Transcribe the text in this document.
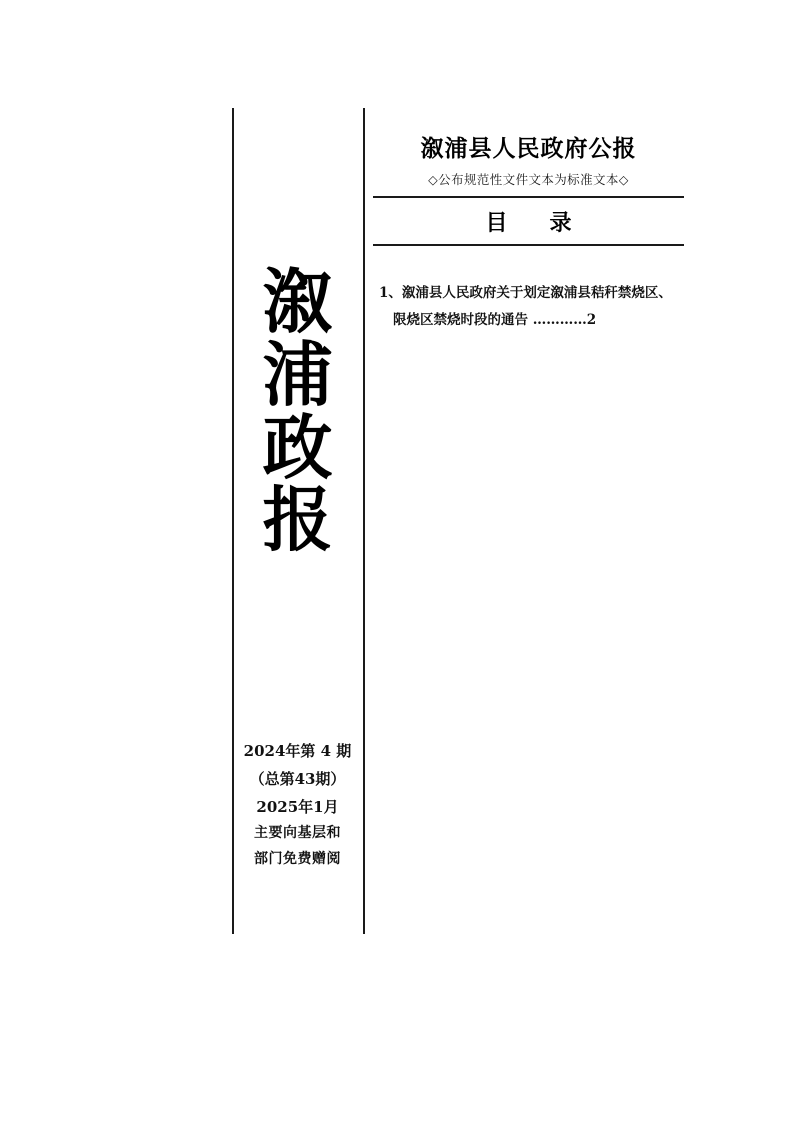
溆
浦
政
报
2024年第 4 期
（总第43期）
2025年1月
主要向基层和
部门免费赠阅
溆浦县人民政府公报
◇公布规范性文件文本为标准文本◇
目　录
1、溆浦县人民政府关于划定溆浦县秸秆禁烧区、
限烧区禁烧时段的通告 …………2
